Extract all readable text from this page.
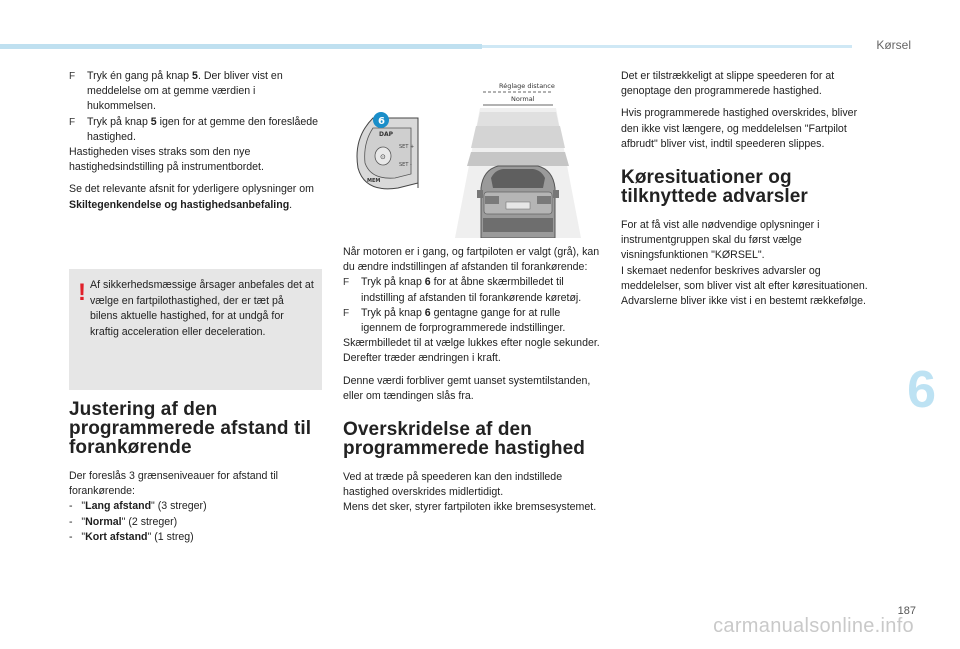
Kørsel
F Tryk én gang på knap 5. Der bliver vist en meddelelse om at gemme værdien i hukommelsen.
F Tryk på knap 5 igen for at gemme den foreslåede hastighed.

Hastigheden vises straks som den nye hastighedsindstilling på instrumentbordet.

Se det relevante afsnit for yderligere oplysninger om Skiltegenkendelse og hastighedsanbefaling.

! Af sikkerhedsmæssige årsager anbefales det at vælge en fartpilothastighed, der er tæt på bilens aktuelle hastighed, for at undgå for kraftig acceleration eller deceleration.
Justering af den programmerede afstand til forankørende

Der foreslås 3 grænseniveauer for afstand til forankørende:

-   "Lang afstand" (3 streger)
-   "Normal" (2 streger)
-   "Kort afstand" (1 streg)
⊙
SET +
SET -
DAP
MEM
6
Réglage distance
Normal

Når motoren er i gang, og fartpiloten er valgt (grå), kan du ændre indstillingen af afstanden til forankørende:

F Tryk på knap 6 for at åbne skærmbilledet til indstilling af afstanden til forankørende køretøj.
F Tryk på knap 6 gentagne gange for at rulle igennem de forprogrammerede indstillinger.

Skærmbilledet til at vælge lukkes efter nogle sekunder.

Derefter træder ændringen i kraft.

Denne værdi forbliver gemt uanset systemtilstanden, eller om tændingen slås fra.

Overskridelse af den programmerede hastighed

Ved at træde på speederen kan den indstillede hastighed overskrides midlertidigt.

Mens det sker, styrer fartpiloten ikke bremsesystemet.

Det er tilstrækkeligt at slippe speederen for at genoptage den programmerede hastighed.

Hvis programmerede hastighed overskrides, bliver den ikke vist længere, og meddelelsen "Fartpilot afbrudt" bliver vist, indtil speederen slippes.

Køresituationer og tilknyttede advarsler

For at få vist alle nødvendige oplysninger i instrumentgruppen skal du først vælge visningsfunktionen "KØRSEL".

I skemaet nedenfor beskrives advarsler og meddelelser, som bliver vist alt efter køresituationen.

Advarslerne bliver ikke vist i en bestemt rækkefølge.

6
187
carmanualsonline.info
